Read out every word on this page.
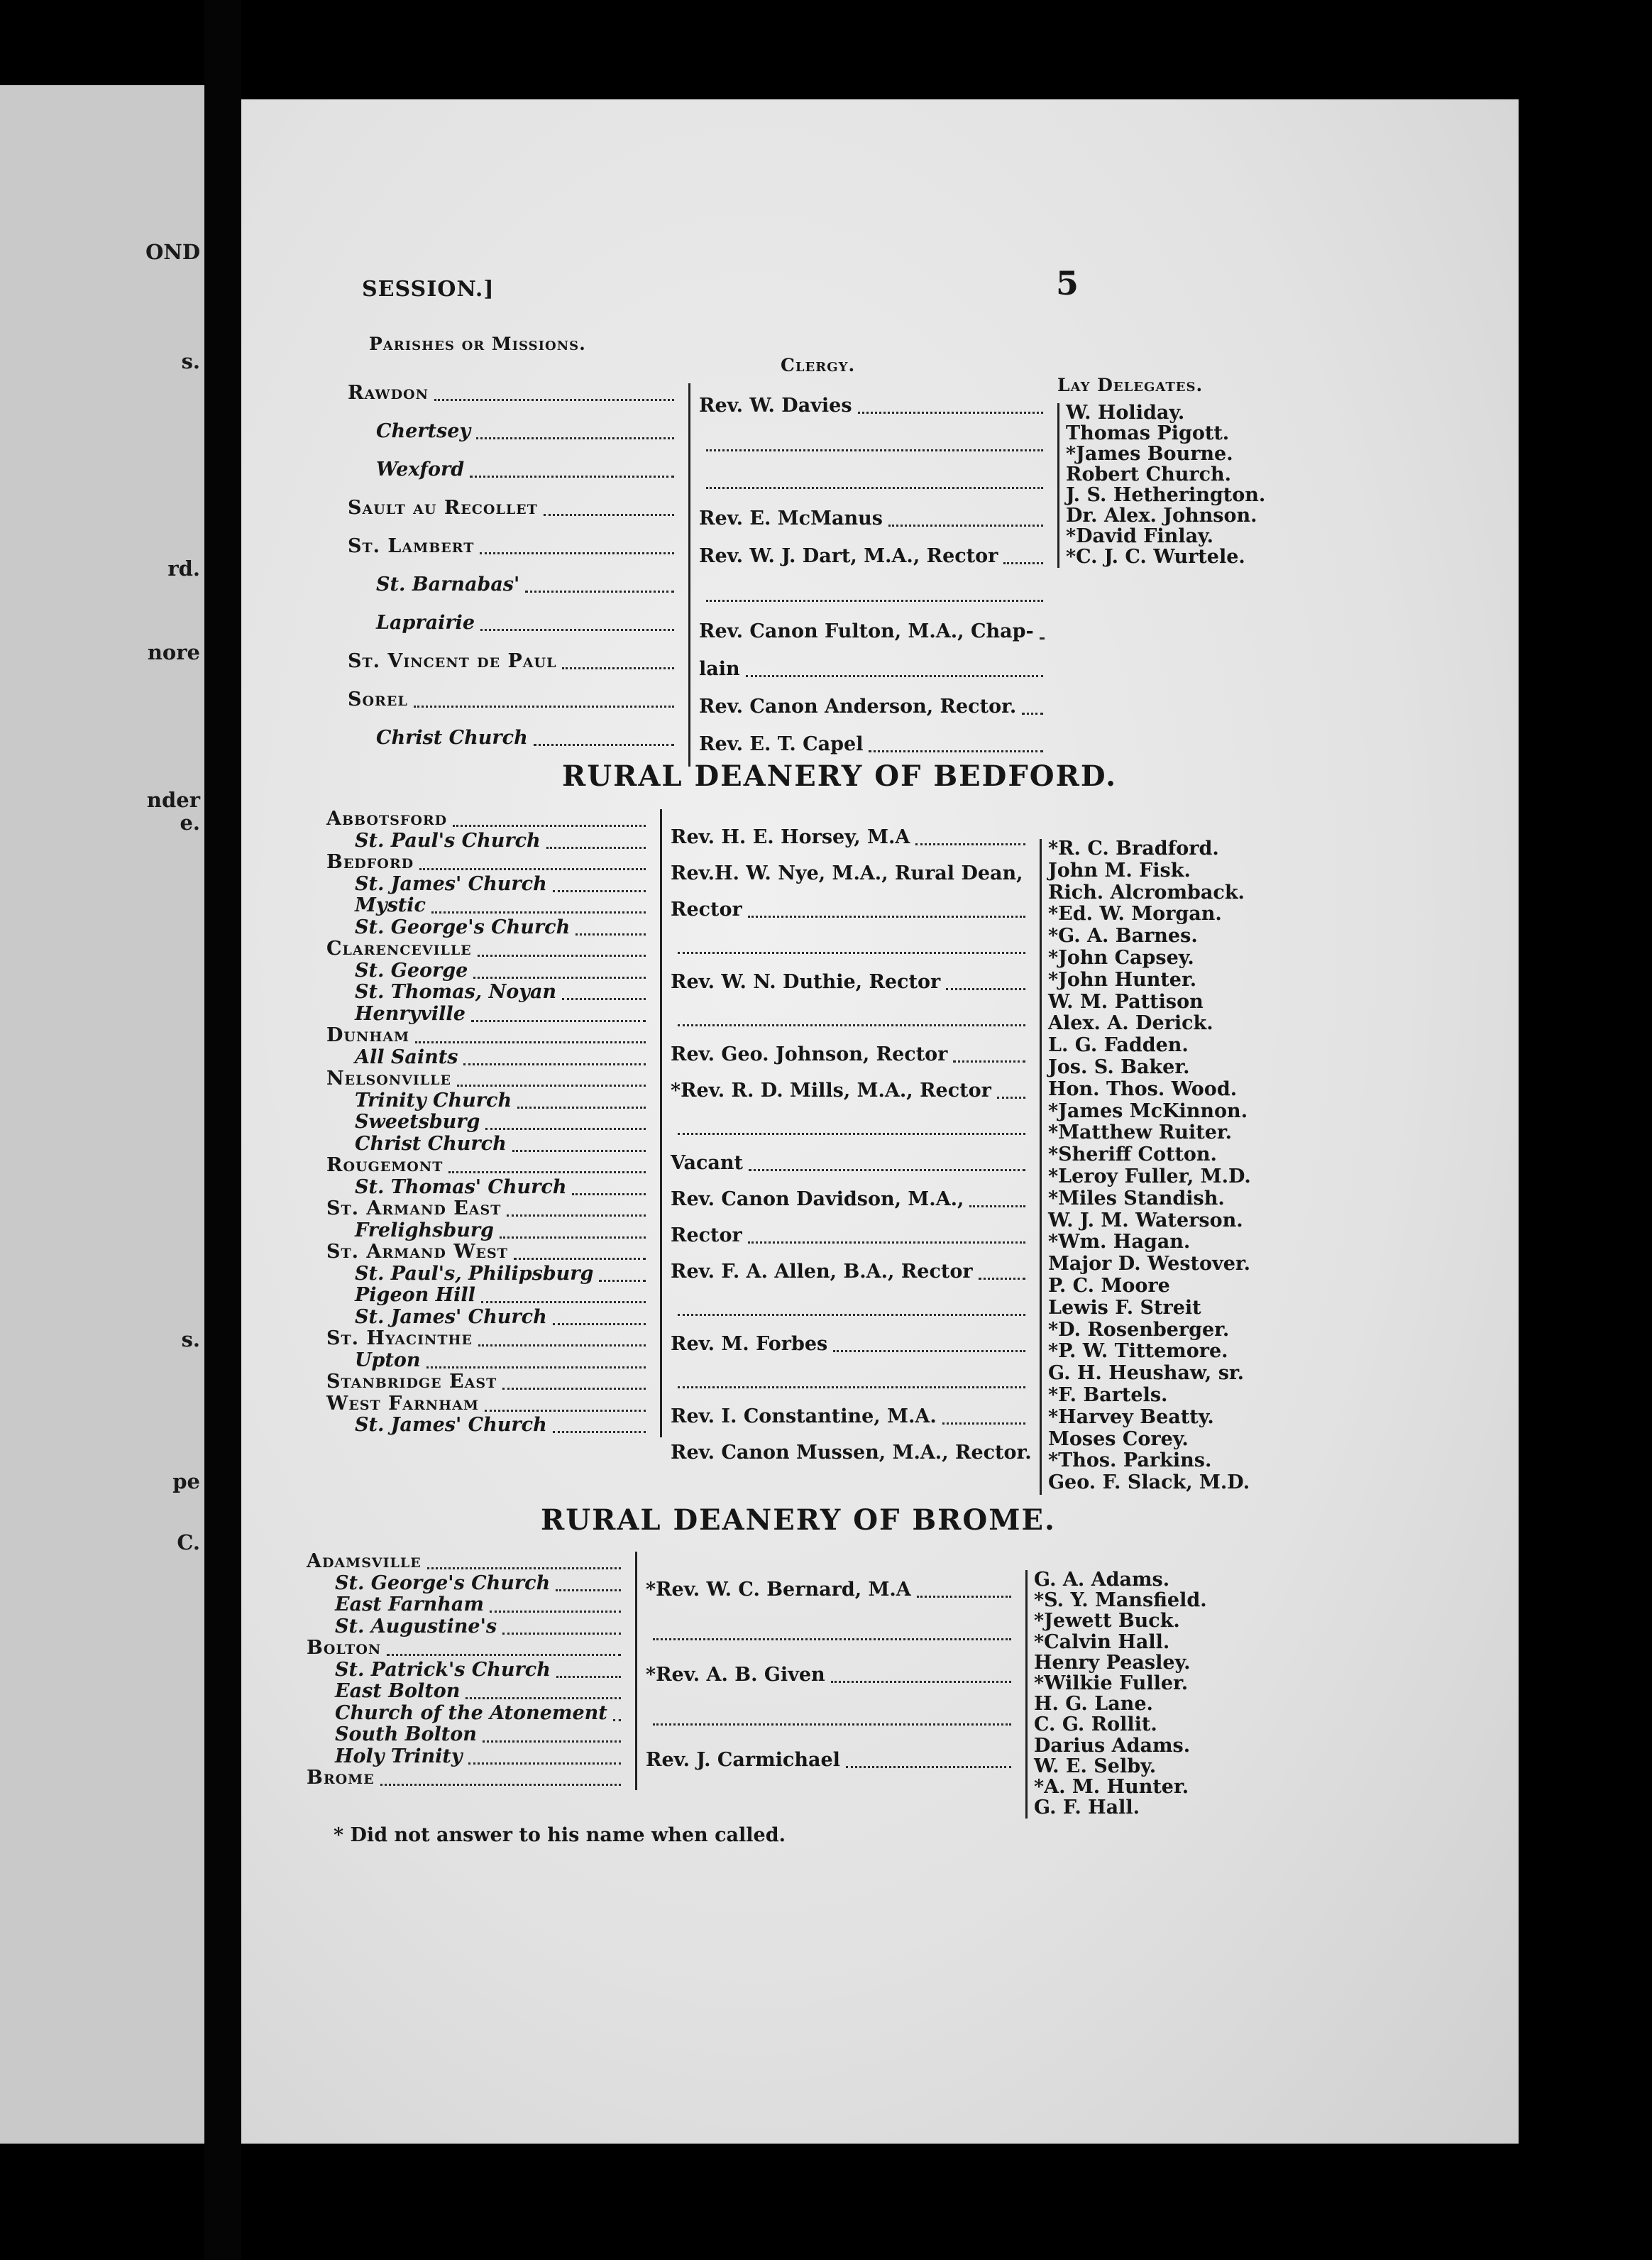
OND
s.
rd.
nore
nder
e.
s.
pe
C.
SESSION.]	5
Parishes or Missions.
Clergy.
Lay Delegates.
RURAL DEANERY OF BEDFORD.
RURAL DEANERY OF BROME.
* Did not answer to his name when called.
Rawdon
Chertsey
Wexford
Sault au Recollet
St. Lambert
St. Barnabas'
Laprairie
St. Vincent de Paul
Sorel
Christ Church
Rev. W. Davies
Rev. E. McManus
Rev. W. J. Dart, M.A., Rector
Rev. Canon Fulton, M.A., Chap-
lain
Rev. Canon Anderson, Rector.
Rev. E. T. Capel
W. Holiday.
Thomas Pigott.
*James Bourne.
Robert Church.
J. S. Hetherington.
Dr. Alex. Johnson.
*David Finlay.
*C. J. C. Wurtele.
Abbotsford
St. Paul's Church
Bedford
St. James' Church
Mystic
St. George's Church
Clarenceville
St. George
St. Thomas, Noyan
Henryville
Dunham
All Saints
Nelsonville
Trinity Church
Sweetsburg
Christ Church
Rougemont
St. Thomas' Church
St. Armand East
Frelighsburg
St. Armand West
St. Paul's, Philipsburg
Pigeon Hill
St. James' Church
St. Hyacinthe
Upton
Stanbridge East
West Farnham
St. James' Church
Rev. H. E. Horsey, M.A
Rev.H. W. Nye, M.A., Rural Dean,
Rector
Rev. W. N. Duthie, Rector
Rev. Geo. Johnson, Rector
*Rev. R. D. Mills, M.A., Rector
Vacant
Rev. Canon Davidson, M.A.,
Rector
Rev. F. A. Allen, B.A., Rector
Rev. M. Forbes
Rev. I. Constantine, M.A.
Rev. Canon Mussen, M.A., Rector.
*R. C. Bradford.
John M. Fisk.
Rich. Alcromback.
*Ed. W. Morgan.
*G. A. Barnes.
*John Capsey.
*John Hunter.
W. M. Pattison
Alex. A. Derick.
L. G. Fadden.
Jos. S. Baker.
Hon. Thos. Wood.
*James McKinnon.
*Matthew Ruiter.
*Sheriff Cotton.
*Leroy Fuller, M.D.
*Miles Standish.
W. J. M. Waterson.
*Wm. Hagan.
Major D. Westover.
P. C. Moore
Lewis F. Streit
*D. Rosenberger.
*P. W. Tittemore.
G. H. Heushaw, sr.
*F. Bartels.
*Harvey Beatty.
Moses Corey.
*Thos. Parkins.
Geo. F. Slack, M.D.
Adamsville
St. George's Church
East Farnham
St. Augustine's
Bolton
St. Patrick's Church
East Bolton
Church of the Atonement
South Bolton
Holy Trinity
Brome
*Rev. W. C. Bernard, M.A
*Rev. A. B. Given
Rev. J. Carmichael
G. A. Adams.
*S. Y. Mansfield.
*Jewett Buck.
*Calvin Hall.
Henry Peasley.
*Wilkie Fuller.
H. G. Lane.
C. G. Rollit.
Darius Adams.
W. E. Selby.
*A. M. Hunter.
G. F. Hall.
